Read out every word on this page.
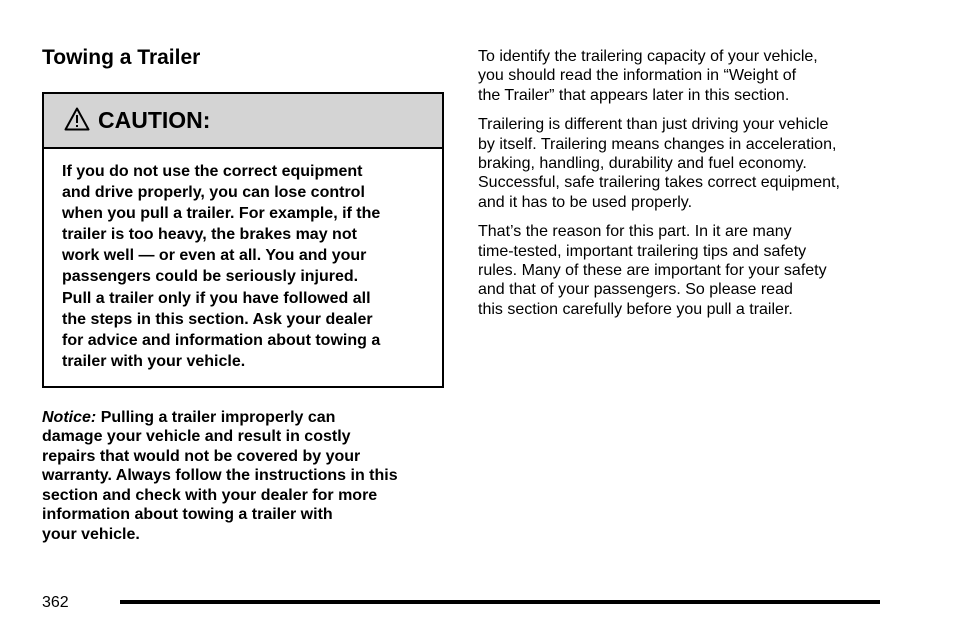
Towing a Trailer
CAUTION:

If you do not use the correct equipment
and drive properly, you can lose control
when you pull a trailer. For example, if the
trailer is too heavy, the brakes may not
work well — or even at all. You and your
passengers could be seriously injured.

Pull a trailer only if you have followed all
the steps in this section. Ask your dealer
for advice and information about towing a
trailer with your vehicle.

Notice: Pulling a trailer improperly can
damage your vehicle and result in costly
repairs that would not be covered by your
warranty. Always follow the instructions in this
section and check with your dealer for more
information about towing a trailer with
your vehicle.

To identify the trailering capacity of your vehicle,
you should read the information in “Weight of
the Trailer” that appears later in this section.

Trailering is different than just driving your vehicle
by itself. Trailering means changes in acceleration,
braking, handling, durability and fuel economy.
Successful, safe trailering takes correct equipment,
and it has to be used properly.

That’s the reason for this part. In it are many
time-tested, important trailering tips and safety
rules. Many of these are important for your safety
and that of your passengers. So please read
this section carefully before you pull a trailer.

362
